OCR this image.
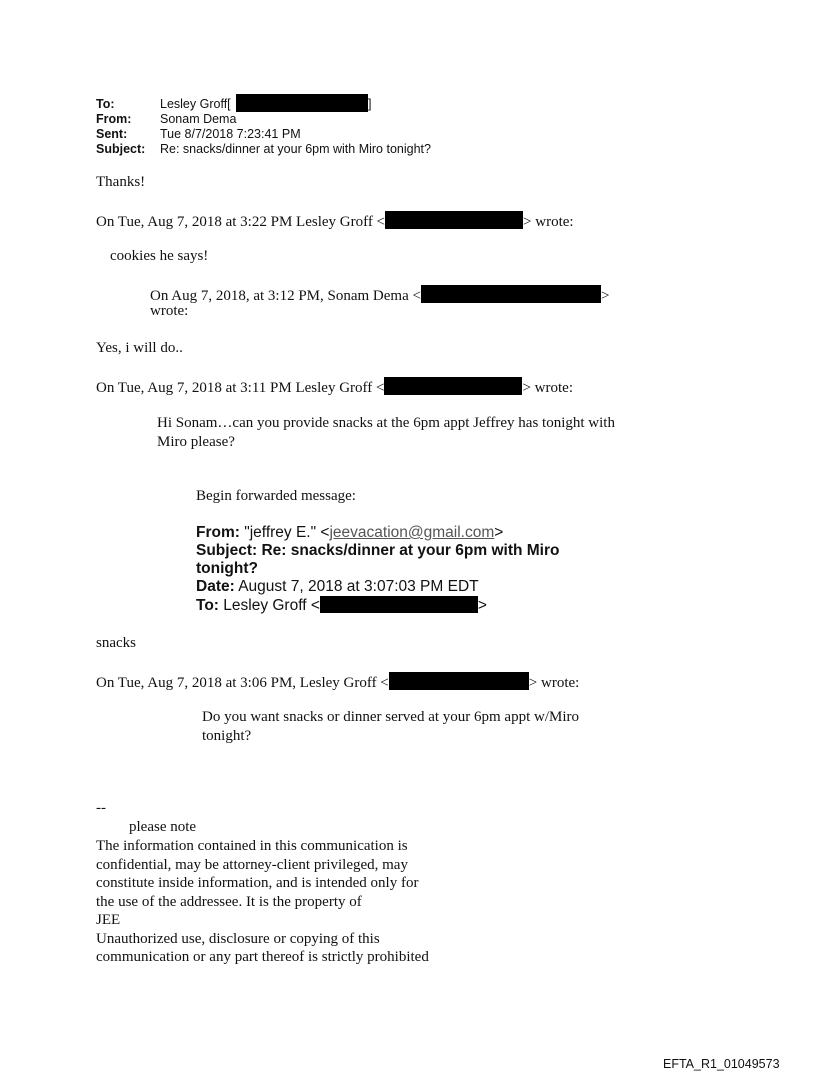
To:	Lesley Groff[	]
From: Sonam Dema
Sent:	Tue 8/7/2018 7:23:41 PM
Subject: Re: snacks/dinner at your 6pm with Miro tonight?
Thanks!
On Tue, Aug 7, 2018 at 3:22 PM Lesley Groff <	> wrote:
cookies he says!
On Aug 7, 2018, at 3:12 PM, Sonam Dema <	>
wrote:
Yes, i will do..
On Tue, Aug 7, 2018 at 3:11 PM Lesley Groff <	> wrote:
Hi Sonam…can you provide snacks at the 6pm appt Jeffrey has tonight with
Miro please?
Begin forwarded message:
From: "jeffrey E." <jeevacation@gmail.com>
Subject: Re: snacks/dinner at your 6pm with Miro
tonight?
Date: August 7, 2018 at 3:07:03 PM EDT
To: Lesley Groff <	>
snacks
On Tue, Aug 7, 2018 at 3:06 PM, Lesley Groff <	> wrote:
Do you want snacks or dinner served at your 6pm appt w/Miro
tonight?
--
please note
The information contained in this communication is
confidential, may be attorney-client privileged, may
constitute inside information, and is intended only for
the use of the addressee. It is the property of
JEE
Unauthorized use, disclosure or copying of this
communication or any part thereof is strictly prohibited
EFTA_R1_01049573
